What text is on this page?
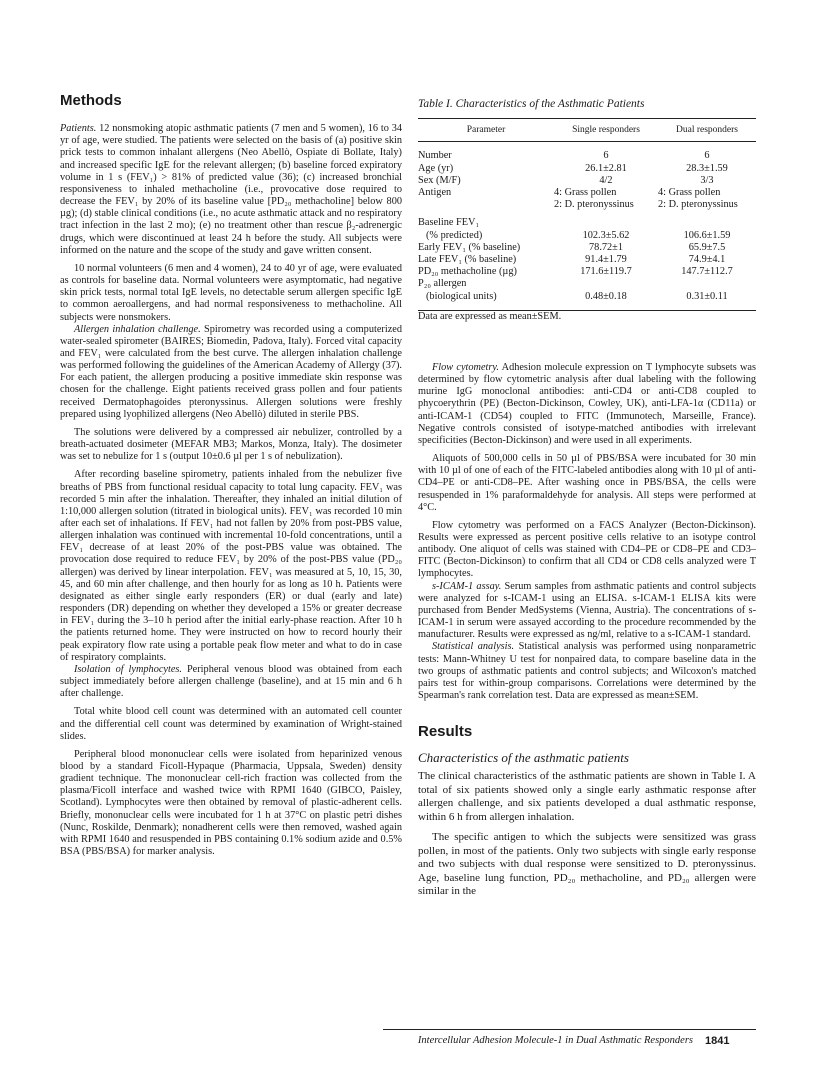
Methods

Patients. 12 nonsmoking atopic asthmatic patients (7 men and 5 women), 16 to 34 yr of age, were studied. The patients were selected on the basis of (a) positive skin prick tests to common inhalant allergens (Neo Abellò, Ospiate di Bollate, Italy) and increased specific IgE for the relevant allergen; (b) baseline forced expiratory volume in 1 s (FEV₁) > 81% of predicted value (36); (c) increased bronchial responsiveness to inhaled methacholine (i.e., provocative dose required to decrease the FEV₁ by 20% of its baseline value [PD₂₀ methacholine] below 800 µg); (d) stable clinical conditions (i.e., no acute asthmatic attack and no respiratory tract infection in the last 2 mo); (e) no treatment other than rescue β₂-adrenergic drugs, which were discontinued at least 24 h before the study. All subjects were informed on the nature and the scope of the study and gave written consent.

10 normal volunteers (6 men and 4 women), 24 to 40 yr of age, were evaluated as controls for baseline data. Normal volunteers were asymptomatic, had negative skin prick tests, normal total IgE levels, no detectable serum allergen specific IgE to common aeroallergens, and had normal responsiveness to methacholine. All subjects were nonsmokers.

Allergen inhalation challenge. Spirometry was recorded using a computerized water-sealed spirometer (BAIRES; Biomedin, Padova, Italy). Forced vital capacity and FEV₁ were calculated from the best curve. The allergen inhalation challenge was performed following the guidelines of the American Academy of Allergy (37). For each patient, the allergen producing a positive immediate skin response was chosen for the challenge. Eight patients received grass pollen and four patients received Dermatophagoides pteronyssinus. Allergen solutions were freshly prepared using lyophilized allergens (Neo Abellò) diluted in sterile PBS.

The solutions were delivered by a compressed air nebulizer, controlled by a breath-actuated dosimeter (MEFAR MB3; Markos, Monza, Italy). The dosimeter was set to nebulize for 1 s (output 10±0.6 µl per 1 s of nebulization).

After recording baseline spirometry, patients inhaled from the nebulizer five breaths of PBS from functional residual capacity to total lung capacity. FEV₁ was recorded 5 min after the inhalation. Thereafter, they inhaled an initial dilution of 1:10,000 allergen solution (titrated in biological units). FEV₁ was recorded 10 min after each set of inhalations. If FEV₁ had not fallen by 20% from post-PBS value, allergen inhalation was continued with incremental 10-fold concentrations, until a FEV₁ decrease of at least 20% of the post-PBS value was obtained. The provocation dose required to reduce FEV₁ by 20% of the post-PBS value (PD₂₀ allergen) was derived by linear interpolation. FEV₁ was measured at 5, 10, 15, 30, 45, and 60 min after challenge, and then hourly for as long as 10 h. Patients were designated as either single early responders (ER) or dual (early and late) responders (DR) depending on whether they developed a 15% or greater decrease in FEV₁ during the 3–10 h period after the initial early-phase reaction. After 10 h the patients returned home. They were instructed on how to record hourly their peak expiratory flow rate using a portable peak flow meter and what to do in case of respiratory complaints.

Isolation of lymphocytes. Peripheral venous blood was obtained from each subject immediately before allergen challenge (baseline), and at 15 min and 6 h after challenge.

Total white blood cell count was determined with an automated cell counter and the differential cell count was determined by examination of Wright-stained slides.

Peripheral blood mononuclear cells were isolated from heparinized venous blood by a standard Ficoll-Hypaque (Pharmacia, Uppsala, Sweden) density gradient technique. The mononuclear cell-rich fraction was collected from the plasma/Ficoll interface and washed twice with RPMI 1640 (GIBCO, Paisley, Scotland). Lymphocytes were then obtained by removal of plastic-adherent cells. Briefly, mononuclear cells were incubated for 1 h at 37°C on plastic petri dishes (Nunc, Roskilde, Denmark); nonadherent cells were then removed, washed again with RPMI 1640 and resuspended in PBS containing 0.1% sodium azide and 0.5% BSA (PBS/BSA) for marker analysis.

Table I. Characteristics of the Asthmatic Patients

Parameter	Single responders	Dual responders
Number	6	6
Age (yr)	26.1±2.81	28.3±1.59
Sex (M/F)	4/2	3/3
Antigen	4: Grass pollen	4: Grass pollen
	2: D. pteronyssinus	2: D. pteronyssinus
Baseline FEV₁		
(% predicted)	102.3±5.62	106.6±1.59
Early FEV₁ (% baseline)	78.72±1	65.9±7.5
Late FEV₁ (% baseline)	91.4±1.79	74.9±4.1
PD₂₀ methacholine (µg)	171.6±119.7	147.7±112.7
P₂₀ allergen		
(biological units)	0.48±0.18	0.31±0.11

Data are expressed as mean±SEM.

Flow cytometry. Adhesion molecule expression on T lymphocyte subsets was determined by flow cytometric analysis after dual labeling with the following murine IgG monoclonal antibodies: anti-CD4 or anti-CD8 coupled to phycoerythrin (PE) (Becton-Dickinson, Cowley, UK), anti-LFA-1α (CD11a) or anti-ICAM-1 (CD54) coupled to FITC (Immunotech, Marseille, France). Negative controls consisted of isotype-matched antibodies with irrelevant specificities (Becton-Dickinson) and were used in all experiments.

Aliquots of 500,000 cells in 50 µl of PBS/BSA were incubated for 30 min with 10 µl of one of each of the FITC-labeled antibodies along with 10 µl of anti-CD4–PE or anti-CD8–PE. After washing once in PBS/BSA, the cells were resuspended in 1% paraformaldehyde for analysis. All steps were performed at 4°C.

Flow cytometry was performed on a FACS Analyzer (Becton-Dickinson). Results were expressed as percent positive cells relative to an isotype control antibody. One aliquot of cells was stained with CD4–PE or CD8–PE and CD3–FITC (Becton-Dickinson) to confirm that all CD4 or CD8 cells analyzed were T lymphocytes.

s-ICAM-1 assay. Serum samples from asthmatic patients and control subjects were analyzed for s-ICAM-1 using an ELISA. s-ICAM-1 ELISA kits were purchased from Bender MedSystems (Vienna, Austria). The concentrations of s-ICAM-1 in serum were assayed according to the procedure recommended by the manufacturer. Results were expressed as ng/ml, relative to a s-ICAM-1 standard.

Statistical analysis. Statistical analysis was performed using nonparametric tests: Mann-Whitney U test for nonpaired data, to compare baseline data in the two groups of asthmatic patients and control subjects; and Wilcoxon's matched pairs test for within-group comparisons. Correlations were determined by the Spearman's rank correlation test. Data are expressed as mean±SEM.

Results

Characteristics of the asthmatic patients

The clinical characteristics of the asthmatic patients are shown in Table I. A total of six patients showed only a single early asthmatic response after allergen challenge, and six patients developed a dual asthmatic response, within 6 h from allergen inhalation.

The specific antigen to which the subjects were sensitized was grass pollen, in most of the patients. Only two subjects with single early response and two subjects with dual response were sensitized to D. pteronyssinus. Age, baseline lung function, PD₂₀ methacholine, and PD₂₀ allergen were similar in the

Intercellular Adhesion Molecule-1 in Dual Asthmatic Responders 1841
